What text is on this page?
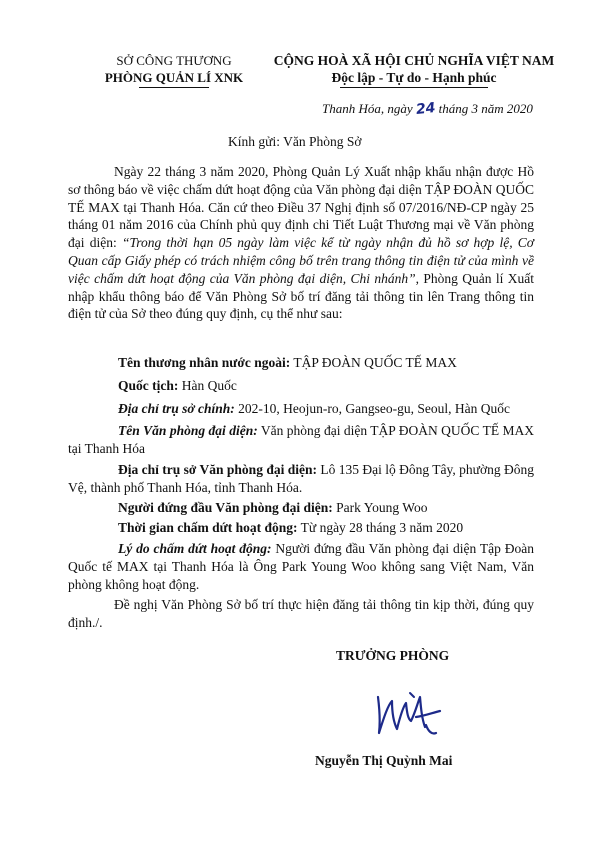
SỞ CÔNG THƯƠNG
PHÒNG QUẢN LÍ XNK
CỘNG HOÀ XÃ HỘI CHỦ NGHĨA VIỆT NAM
Độc lập - Tự do - Hạnh phúc
Thanh Hóa, ngày 24 tháng 3 năm 2020
Kính gửi: Văn Phòng Sở
Ngày 22 tháng 3 năm 2020, Phòng Quản Lý Xuất nhập khẩu nhận được Hồ sơ thông báo về việc chấm dứt hoạt động của Văn phòng đại diện TẬP ĐOÀN QUỐC TẾ MAX tại Thanh Hóa. Căn cứ theo Điều 37 Nghị định số 07/2016/NĐ-CP ngày 25 tháng 01 năm 2016 của Chính phủ quy định chi Tiết Luật Thương mại về Văn phòng đại diện: “Trong thời hạn 05 ngày làm việc kể từ ngày nhận đủ hồ sơ hợp lệ, Cơ Quan cấp Giấy phép có trách nhiệm công bố trên trang thông tin điện tử của mình về việc chấm dứt hoạt động của Văn phòng đại diện, Chi nhánh”, Phòng Quản lí Xuất nhập khẩu thông báo để Văn Phòng Sở bố trí đăng tải thông tin lên Trang thông tin điện tử của Sở theo đúng quy định, cụ thể như sau:
Tên thương nhân nước ngoài: TẬP ĐOÀN QUỐC TẾ MAX
Quốc tịch: Hàn Quốc
Địa chỉ trụ sở chính: 202-10, Heojun-ro, Gangseo-gu, Seoul, Hàn Quốc
Tên Văn phòng đại diện: Văn phòng đại diện TẬP ĐOÀN QUỐC TẾ MAX tại Thanh Hóa
Địa chỉ trụ sở Văn phòng đại diện: Lô 135 Đại lộ Đông Tây, phường Đông Vệ, thành phố Thanh Hóa, tỉnh Thanh Hóa.
Người đứng đầu Văn phòng đại diện: Park Young Woo
Thời gian chấm dứt hoạt động: Từ ngày 28 tháng 3 năm 2020
Lý do chấm dứt hoạt động: Người đứng đầu Văn phòng đại diện Tập Đoàn Quốc tế MAX tại Thanh Hóa là Ông Park Young Woo không sang Việt Nam, Văn phòng không hoạt động.
Đề nghị Văn Phòng Sở bố trí thực hiện đăng tải thông tin kịp thời, đúng quy định./.
TRƯỞNG PHÒNG
Nguyễn Thị Quỳnh Mai
